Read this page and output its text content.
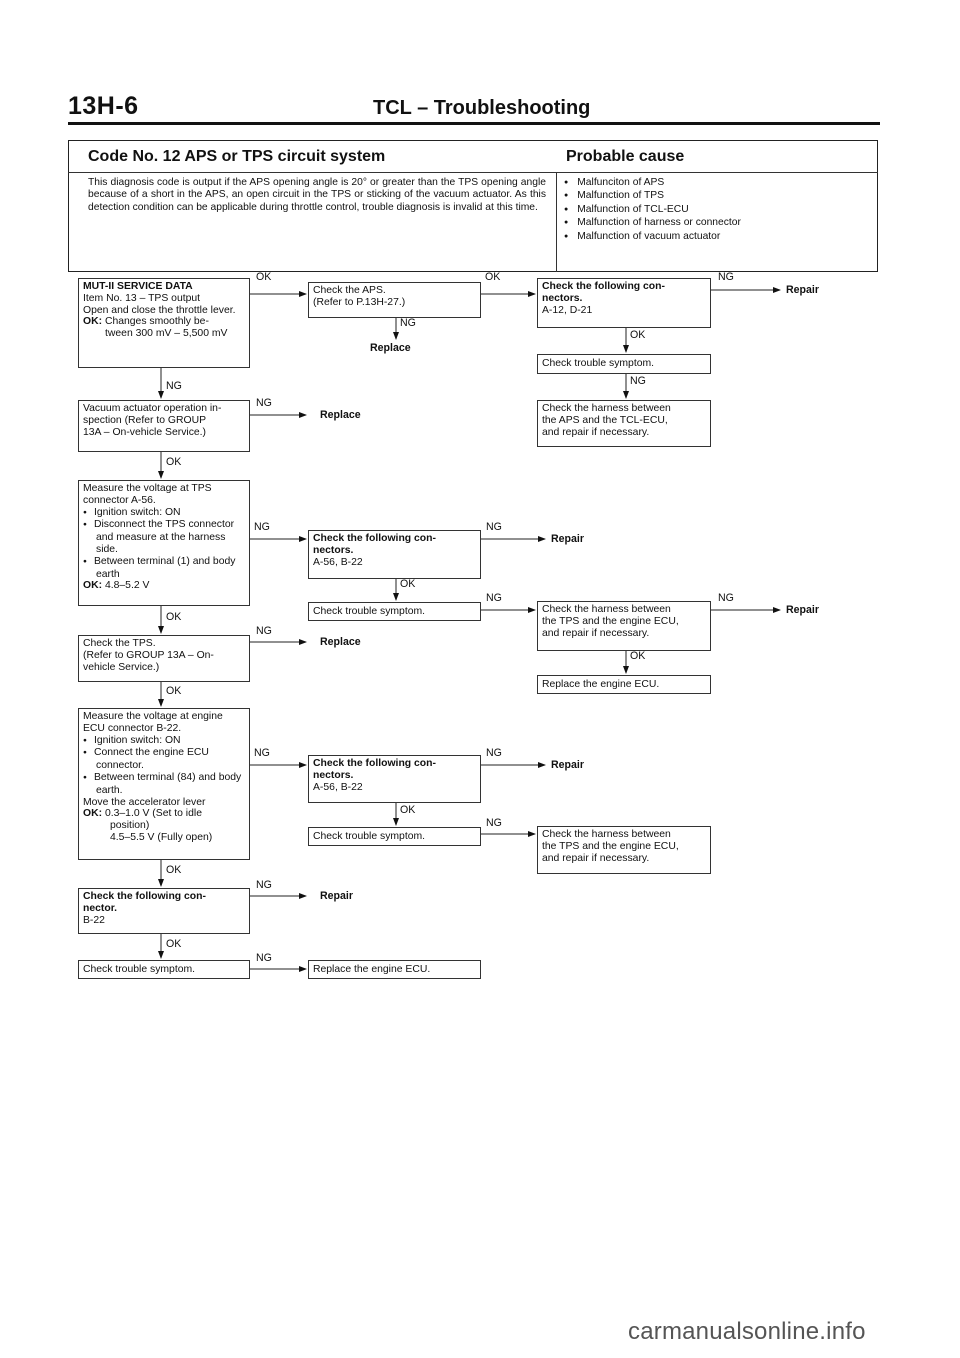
13H-6	TCL – Troubleshooting
Code No. 12 APS or TPS circuit system	Probable cause
This diagnosis code is output if the APS opening angle is 20° or greater than the TPS opening angle because of a short in the APS, an open circuit in the TPS or sticking of the vacuum actuator. As this detection condition can be applicable during throttle control, trouble diagnosis is invalid at this time.
● Malfunciton of APS
● Malfunction of TPS
● Malfunction of TCL-ECU
● Malfunction of harness or connector
● Malfunction of vacuum actuator
MUT-II SERVICE DATA
Item No. 13 – TPS output
Open and close the throttle lever.
OK: Changes smoothly be-
tween 300 mV – 5,500 mV
Vacuum actuator operation in-
spection (Refer to GROUP
13A – On-vehicle Service.)
Measure the voltage at TPS
connector A-56.
● Ignition switch: ON
● Disconnect the TPS connector and measure at the harness side.
● Between terminal (1) and body earth
OK: 4.8–5.2 V
Check the TPS.
(Refer to GROUP 13A – On-
vehicle Service.)
Measure the voltage at engine
ECU connector B-22.
● Ignition switch: ON
● Connect the engine ECU connector.
● Between terminal (84) and body earth.
Move the accelerator lever
OK: 0.3–1.0 V (Set to idle
position)
4.5–5.5 V (Fully open)
Check the following con-
nector.
B-22
Check trouble symptom.
Check the APS.
(Refer to P.13H-27.)
Replace
Replace
Check the following con-
nectors.
A-56, B-22
Check trouble symptom.
Replace
Check the following con-
nectors.
A-56, B-22
Check trouble symptom.
Repair
Replace the engine ECU.
Check the following con-
nectors.
A-12, D-21
Repair
Check trouble symptom.
Check the harness between
the APS and the TCL-ECU,
and repair if necessary.
Repair
Check the harness between
the TPS and the engine ECU,
and repair if necessary.
Repair
Replace the engine ECU.
Repair
Check the harness between
the TPS and the engine ECU,
and repair if necessary.
OK	OK	NG
NG
OK
NG
NG
NG
OK
NG	NG
OK
NG	NG
OK
NG
OK
OK
NG	NG
OK
NG
OK
NG
OK
NG
carmanualsonline.info
